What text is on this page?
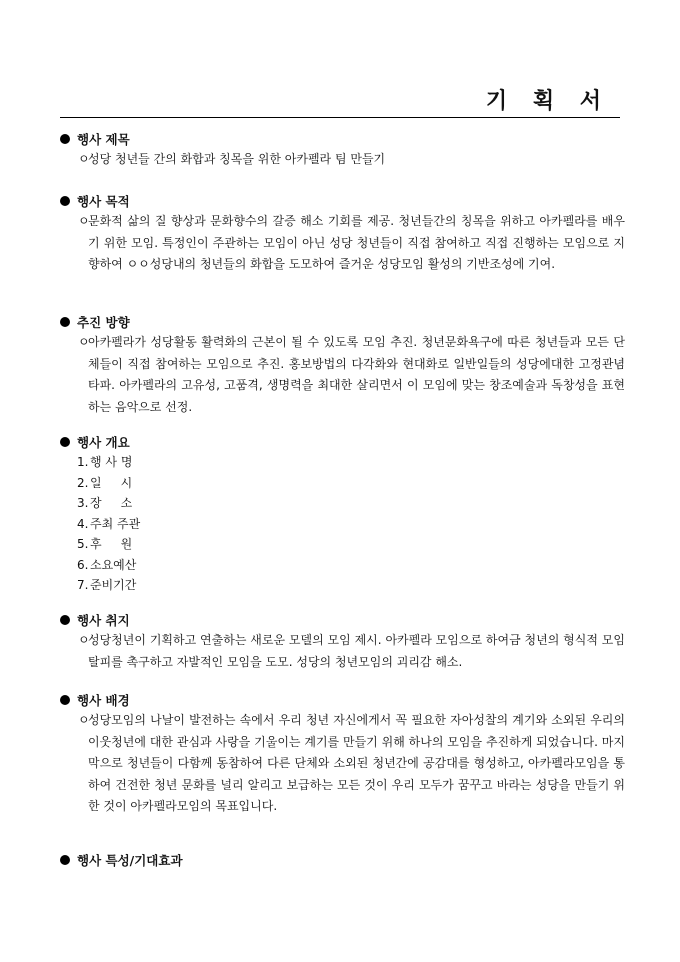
기 획 서
행사 제목
ㅇ
성당 청년들 간의 화합과 칭목을 위한 아카펠라 팀 만들기
행사 목적
ㅇ
문화적 삶의 질 향상과 문화향수의 갈증 해소 기회를 제공. 청년들간의 칭목을 위하고 아카펠라를 배우기 위한 모임. 특정인이 주관하는 모임이 아닌 성당 청년들이 직접 참여하고 직접 진행하는 모임으로 지향하여 ㅇㅇ성당내의 청년들의 화합을 도모하여 즐거운 성당모임 활성의 기반조성에 기여.
추진 방향
ㅇ
아카펠라가 성당활동 활력화의 근본이 될 수 있도록 모임 추진. 청년문화욕구에 따른 청년들과 모든 단체들이 직접 참여하는 모임으로 추진. 홍보방법의 다각화와 현대화로 일반일들의 성당에대한 고정관념 타파. 아카펠라의 고유성, 고품격, 생명력을 최대한 살리면서 이 모임에 맞는 창조예술과 독창성을 표현하는 음악으로 선정.
행사 개요
1. 행 사 명
2. 일     시
3. 장     소
4. 주최 주관
5. 후     원
6. 소요예산
7. 준비기간
행사 취지
ㅇ
성당청년이 기획하고 연출하는 새로운 모델의 모임 제시. 아카펠라 모임으로 하여금 청년의 형식적 모임 탈피를 촉구하고 자발적인 모임을 도모. 성당의 청년모임의 괴리감 해소.
행사 배경
ㅇ
성당모임의 나날이 발전하는 속에서 우리 청년 자신에게서 꼭 필요한 자아성찰의 계기와 소외된 우리의 이웃청년에 대한 관심과 사랑을 기울이는 계기를 만들기 위해 하나의 모임을 추진하게 되었습니다. 마지막으로 청년들이 다함께 동참하여 다른 단체와 소외된 청년간에 공감대를 형성하고, 아카펠라모임을 통하여 건전한 청년 문화를 널리 알리고 보급하는 모든 것이 우리 모두가 꿈꾸고 바라는 성당을 만들기 위한 것이 아카펠라모임의 목표입니다.
행사 특성/기대효과
